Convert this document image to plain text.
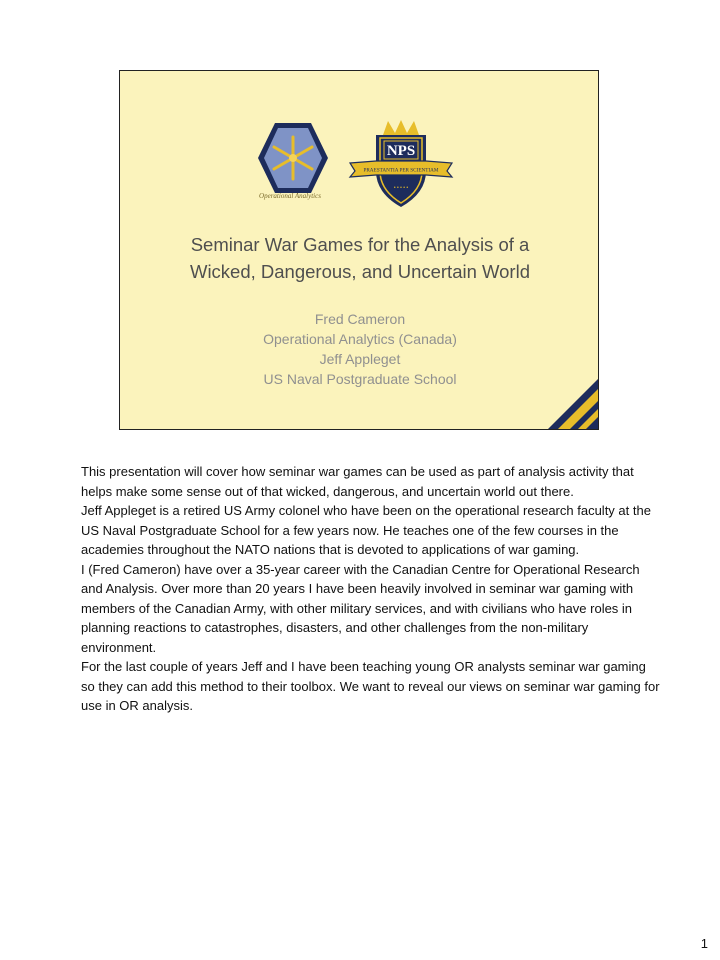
Operational Analytics
NPS
PRAESTANTIA PER SCIENTIAM
• • • • •
Seminar War Games for the Analysis of a
Wicked, Dangerous, and Uncertain World
Fred Cameron
Operational Analytics (Canada)
Jeff Appleget
US Naval Postgraduate School

This presentation will cover how seminar war games can be used as part of analysis activity that helps make some sense out of that wicked, dangerous, and uncertain world out there.

Jeff Appleget is a retired US Army colonel who have been on the operational research faculty at the US Naval Postgraduate School for a few years now. He teaches one of the few courses in the academies throughout the NATO nations that is devoted to applications of war gaming.

I (Fred Cameron) have over a 35-year career with the Canadian Centre for Operational Research and Analysis. Over more than 20 years I have been heavily involved in seminar war gaming with members of the Canadian Army, with other military services, and with civilians who have roles in planning reactions to catastrophes, disasters, and other challenges from the non-military environment.

For the last couple of years Jeff and I have been teaching young OR analysts seminar war gaming so they can add this method to their toolbox. We want to reveal our views on seminar war gaming for use in OR analysis.

1
